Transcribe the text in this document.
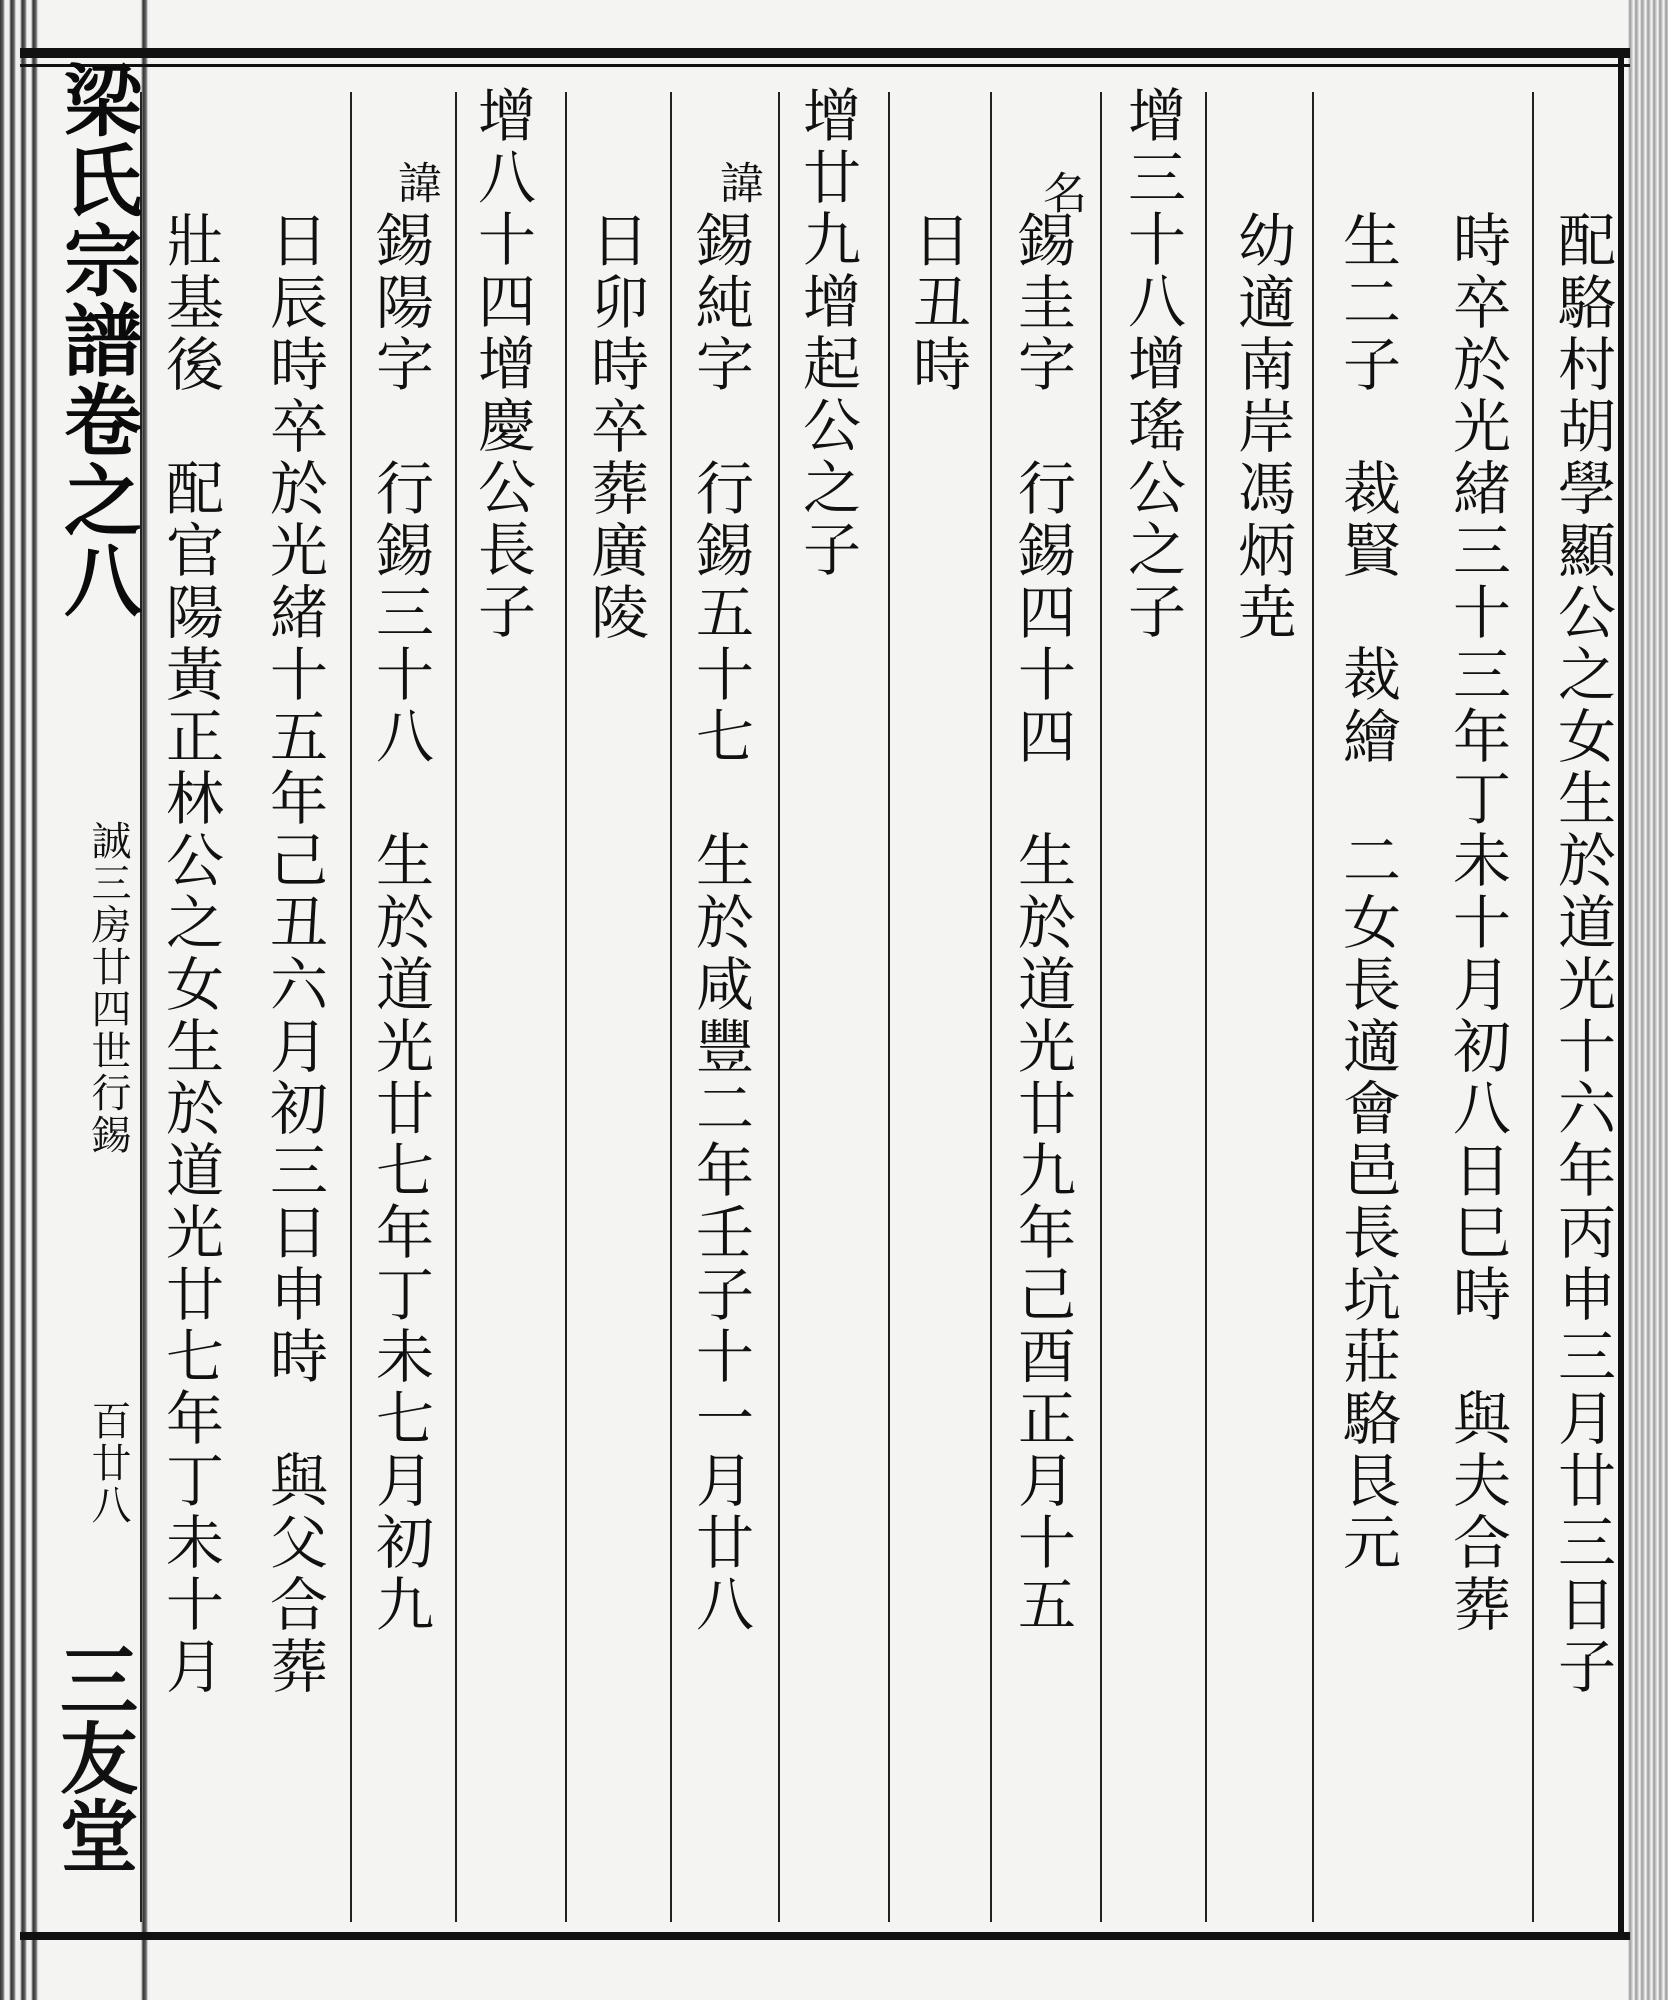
配駱村胡學顯公之女生於道光十六年丙申三月廿三日子
時卒於光緒三十三年丁未十月初八日巳時　與夫合葬
生二子　裁賢　裁繪　二女長適會邑長坑莊駱艮元
幼適南岸馮炳尭
增三十八增瑤公之子
名
錫圭字　行錫四十四　生於道光廿九年己酉正月十五
日丑時
增廿九增起公之子
諱
錫純字　行錫五十七　生於咸豐二年壬子十一月廿八
日卯時卒葬廣陵
增八十四增慶公長子
諱
錫陽字　行錫三十八　生於道光廿七年丁未七月初九
日辰時卒於光緒十五年己丑六月初三日申時　與父合葬
壯基後　配官陽黃正林公之女生於道光廿七年丁未十月
梁氏宗譜卷之八
誠三房廿四世行錫
百廿八
三友堂
